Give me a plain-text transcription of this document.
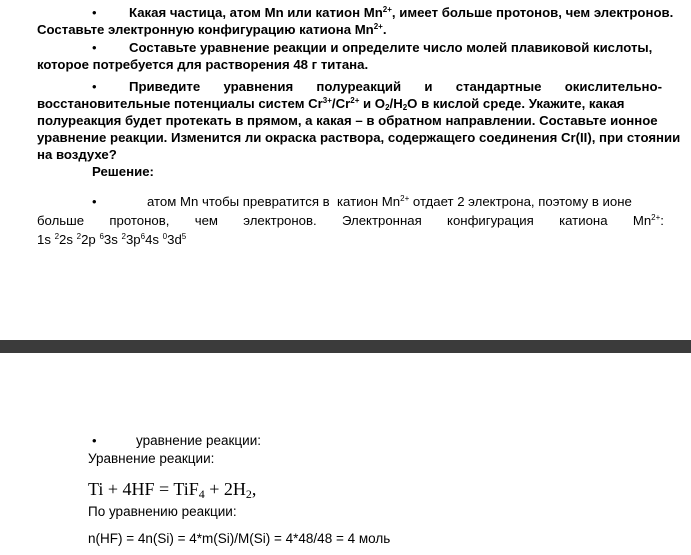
• Какая частица, атом Mn или катион $Mn^{2+}$, имеет больше протонов, чем электронов.
Составьте электронную конфигурацию катиона $Mn^{2+}$.
• Составьте уравнение реакции и определите число молей плавиковой кислоты,
которое потребуется для растворения 48 г титана.
• Приведите уравнения полуреакций и стандартные окислительно-
восстановительные потенциалы систем $Cr^{3+}/Cr^{2+}$ и $O_2/H_2O$ в кислой среде. Укажите, какая
полуреакция будет протекать в прямом, а какая – в обратном направлении. Составьте ионное
уравнение реакции. Изменится ли окраска раствора, содержащего соединения Cr(II), при стоянии
на воздухе?
Решение:
•	атом Mn чтобы превратится в  катион $Mn^{2+}$ отдает 2 электрона, поэтому в ионе
больше протонов, чем электронов. Электронная конфигурация катиона $Mn^{2+}$:
1s $^2$2s $^2$2p $^6$3s $^23p^64s$ $^03d^5$
•	уравнение реакции:
Уравнение реакции:
$Ti + 4HF = TiF_4 + 2H_2$,
По уравнению реакции:
n(HF) = 4n(Si) = 4*m(Si)/M(Si) = 4*48/48 = 4 моль
